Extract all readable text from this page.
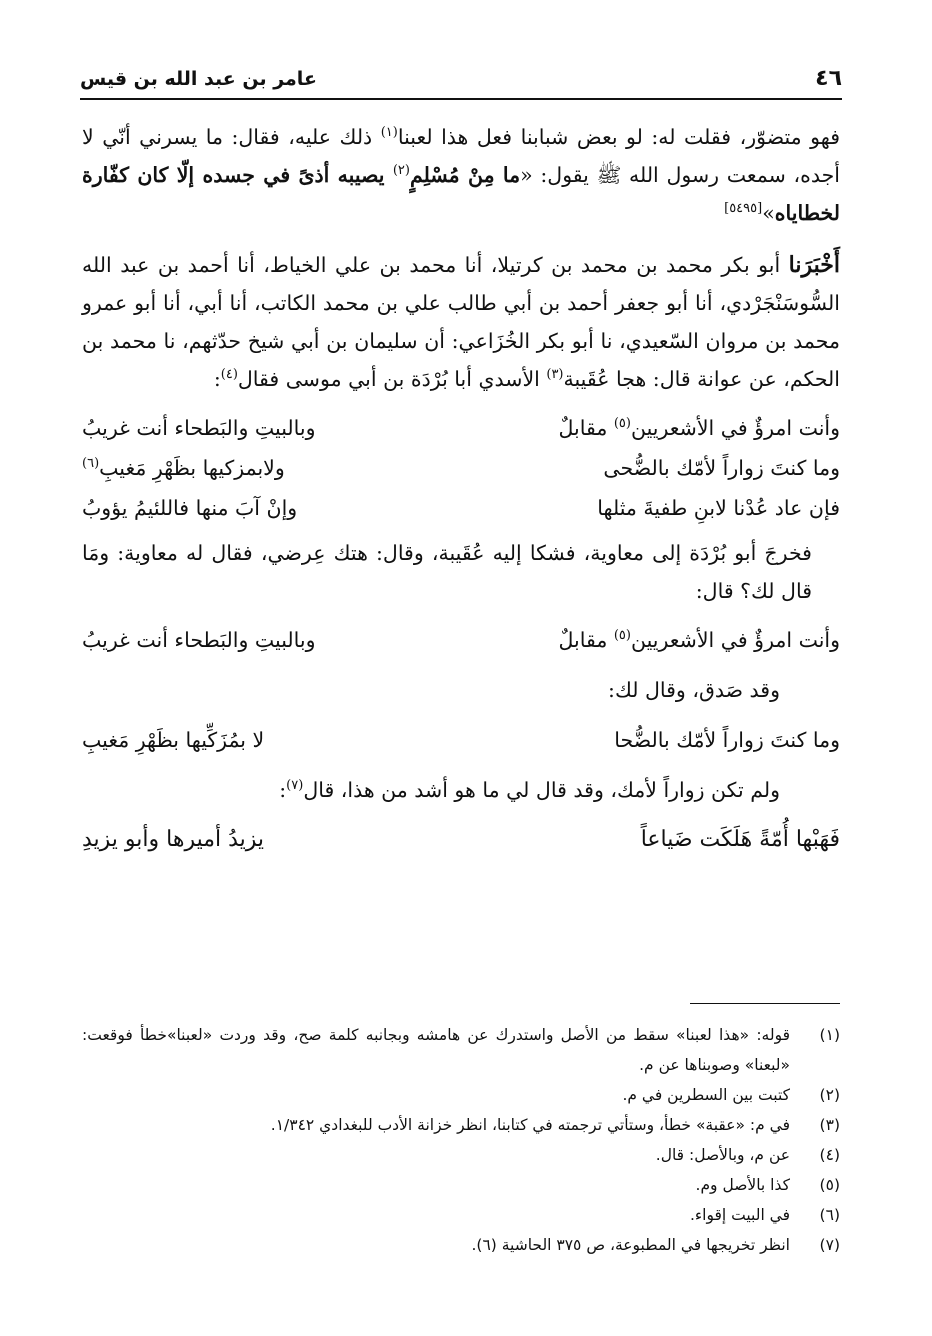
٤٦
عامر بن عبد الله بن قيس

فهو متضوّر، فقلت له: لو بعض شبابنا فعل هذا لعبنا$^{(١)}$ ذلك عليه، فقال: ما يسرني أنّي لا أجده، سمعت رسول الله ﷺ يقول: «ما مِنْ مُسْلِمٍ$^{(٢)}$ يصيبه أذىً في جسده إلّا كان كفّارة لخطاياه»[٥٤٩٥]

أَخْبَرَنا أبو بكر محمد بن محمد بن كرتيلا، أنا محمد بن علي الخياط، أنا أحمد بن عبد الله السُّوسَنْجَرْدي، أنا أبو جعفر أحمد بن أبي طالب علي بن محمد الكاتب، أنا أبي، أنا أبو عمرو محمد بن مروان السّعيدي، نا أبو بكر الخُزَاعي: أن سليمان بن أبي شيخ حدّثهم، نا محمد بن الحكم، عن عوانة قال: هجا عُقَيبة$^{(٣)}$ الأسدي أبا بُرْدَة بن أبي موسى فقال$^{(٤)}$:

وأنت امرؤٌ في الأشعريين$^{(٥)}$ مقابلٌ
وبالبيتِ والبَطحاء أنت غريبُ
وما كنتَ زواراً لأمّك بالضُّحى
ولابمزكيها بظَهْرِ مَغيبِ$^{(٦)}$
فإن عاد عُدْنا لابنِ طفيةَ مثلها
وإنْ آبَ منها فاللئيمُ يؤوبُ

فخرجَ أبو بُرْدَة إلى معاوية، فشكا إليه عُقَيبة، وقال: هتك عِرضي، فقال له معاوية: ومَا قال لك؟ قال:

وأنت امرؤٌ في الأشعريين$^{(٥)}$ مقابلٌ
وبالبيتِ والبَطحاء أنت غريبُ

وقد صَدق، وقال لك:

وما كنتَ زواراً لأمّك بالضُّحا
لا بمُزَكِّيها بظَهْرِ مَغيبِ

ولم تكن زواراً لأمك، وقد قال لي ما هو أشد من هذا، قال$^{(٧)}$:

فَهَبْها أُمّةً هَلَكَت ضَياعاً
يزيدُ أميرها وأبو يزيدِ
(١)
قوله: «هذا لعبنا» سقط من الأصل واستدرك عن هامشه وبجانبه كلمة صح، وقد وردت «لعبنا»خطأ فوقعت: «لبعنا» وصوبناها عن م.
(٢)
كتبت بين السطرين في م.
(٣)
في م: «عقبة» خطأ، وستأتي ترجمته في كتابنا، انظر خزانة الأدب للبغدادي ١/٣٤٢.
(٤)
عن م، وبالأصل: قال.
(٥)
كذا بالأصل وم.
(٦)
في البيت إقواء.
(٧)
انظر تخريجها في المطبوعة، ص ٣٧٥ الحاشية (٦).
